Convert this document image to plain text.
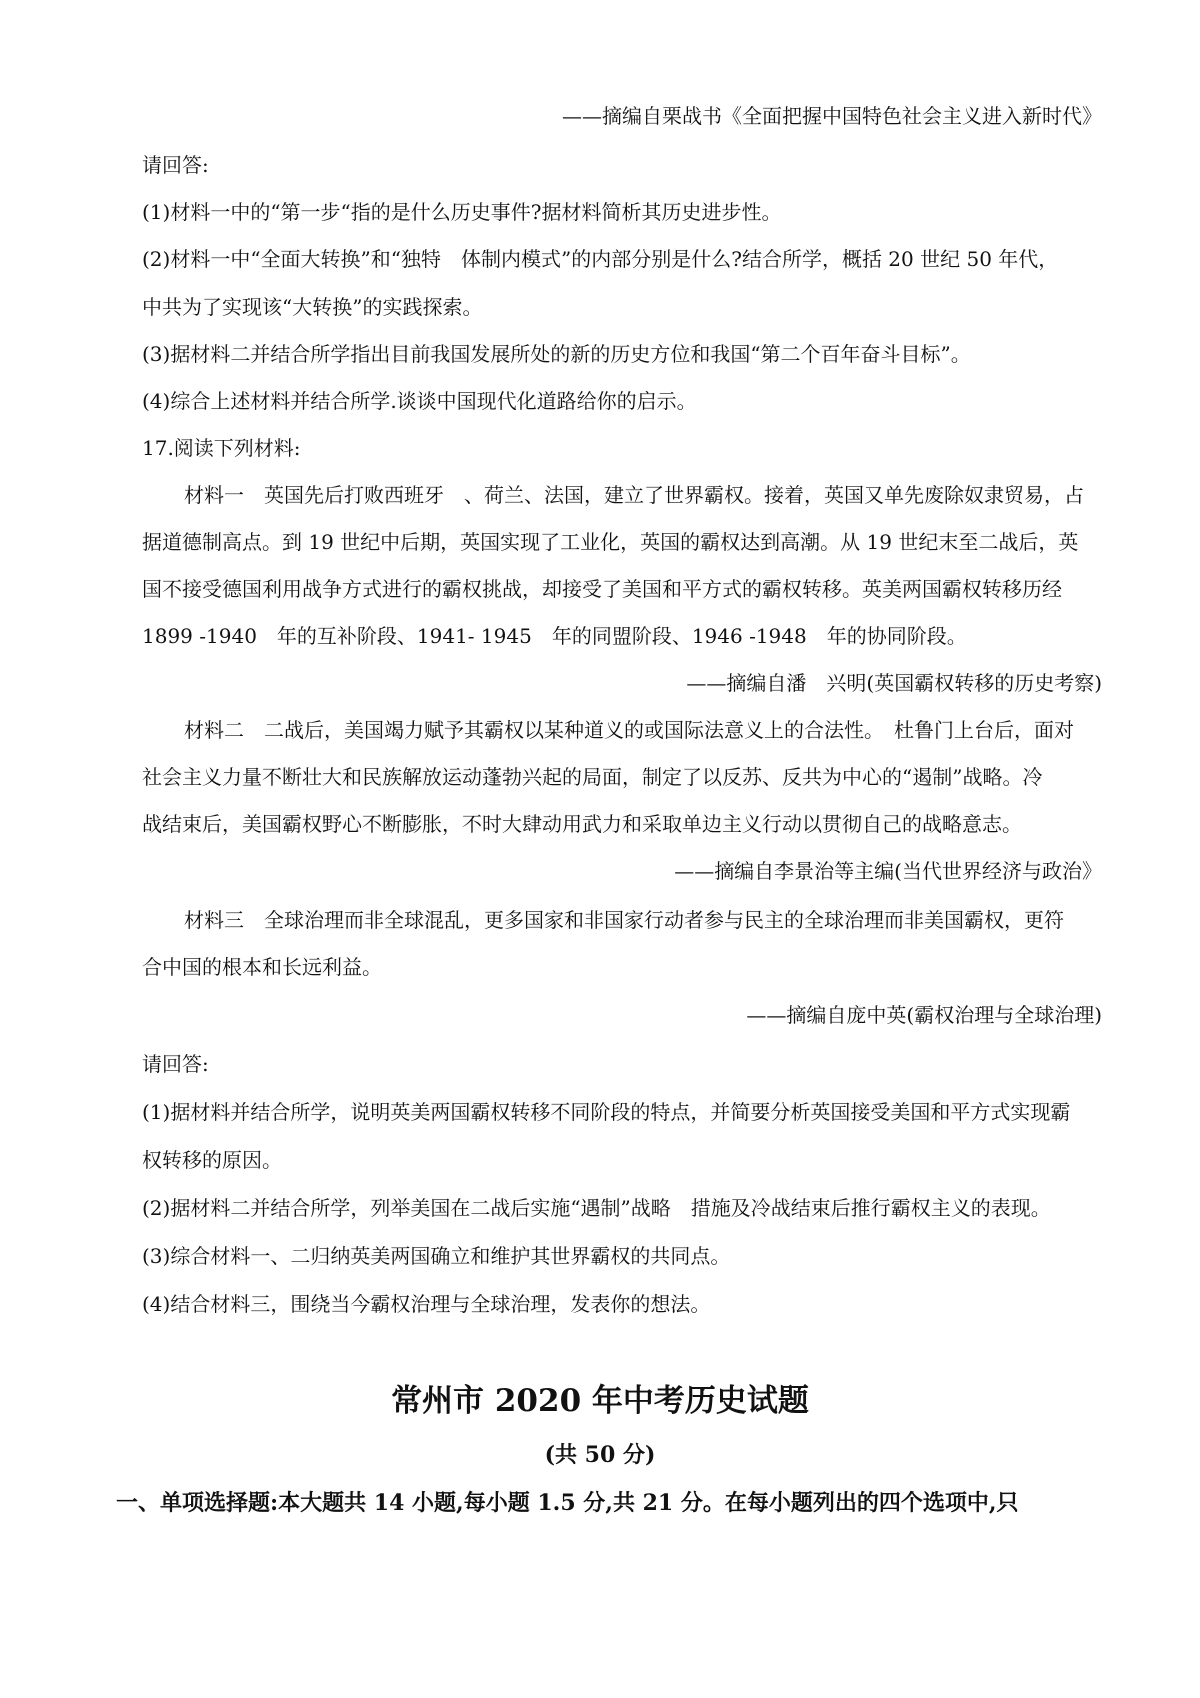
——摘编自栗战书《全面把握中国特色社会主义进入新时代》
请回答:
(1)材料一中的“第一步“指的是什么历史事件?据材料简析其历史进步性。
(2)材料一中“全面大转换”和“独特　体制内模式”的内部分别是什么?结合所学，概括 20 世纪 50 年代，
中共为了实现该“大转换”的实践探索。
(3)据材料二并结合所学指出目前我国发展所处的新的历史方位和我国“第二个百年奋斗目标”。
(4)综合上述材料并结合所学.谈谈中国现代化道路给你的启示。
17.阅读下列材料:
材料一　英国先后打败西班牙　、荷兰、法国，建立了世界霸权。接着，英国又单先废除奴隶贸易，占
据道德制高点。到 19 世纪中后期，英国实现了工业化，英国的霸权达到高潮。从 19 世纪末至二战后，英
国不接受德国利用战争方式进行的霸权挑战，却接受了美国和平方式的霸权转移。英美两国霸权转移历经
1899 -1940　年的互补阶段、1941- 1945　年的同盟阶段、1946 -1948　年的协同阶段。
——摘编自潘　兴明(英国霸权转移的历史考察)
材料二　二战后，美国竭力赋予其霸权以某种道义的或国际法意义上的合法性。　杜鲁门上台后，面对
社会主义力量不断壮大和民族解放运动蓬勃兴起的局面，制定了以反苏、反共为中心的“遏制”战略。冷
战结束后，美国霸权野心不断膨胀，不时大肆动用武力和采取单边主义行动以贯彻自己的战略意志。
——摘编自李景治等主编(当代世界经济与政治》
材料三　全球治理而非全球混乱，更多国家和非国家行动者参与民主的全球治理而非美国霸权，更符
合中国的根本和长远利益。
——摘编自庞中英(霸权治理与全球治理)
请回答:
(1)据材料并结合所学，说明英美两国霸权转移不同阶段的特点，并简要分析英国接受美国和平方式实现霸
权转移的原因。
(2)据材料二并结合所学，列举美国在二战后实施“遇制”战略　措施及冷战结束后推行霸权主义的表现。
(3)综合材料一、二归纳英美两国确立和维护其世界霸权的共同点。
(4)结合材料三，围绕当今霸权治理与全球治理，发表你的想法。
常州市 2020 年中考历史试题
(共 50 分)
一、单项选择题:本大题共 14 小题,每小题 1.5 分,共 21 分。在每小题列出的四个选项中,只
